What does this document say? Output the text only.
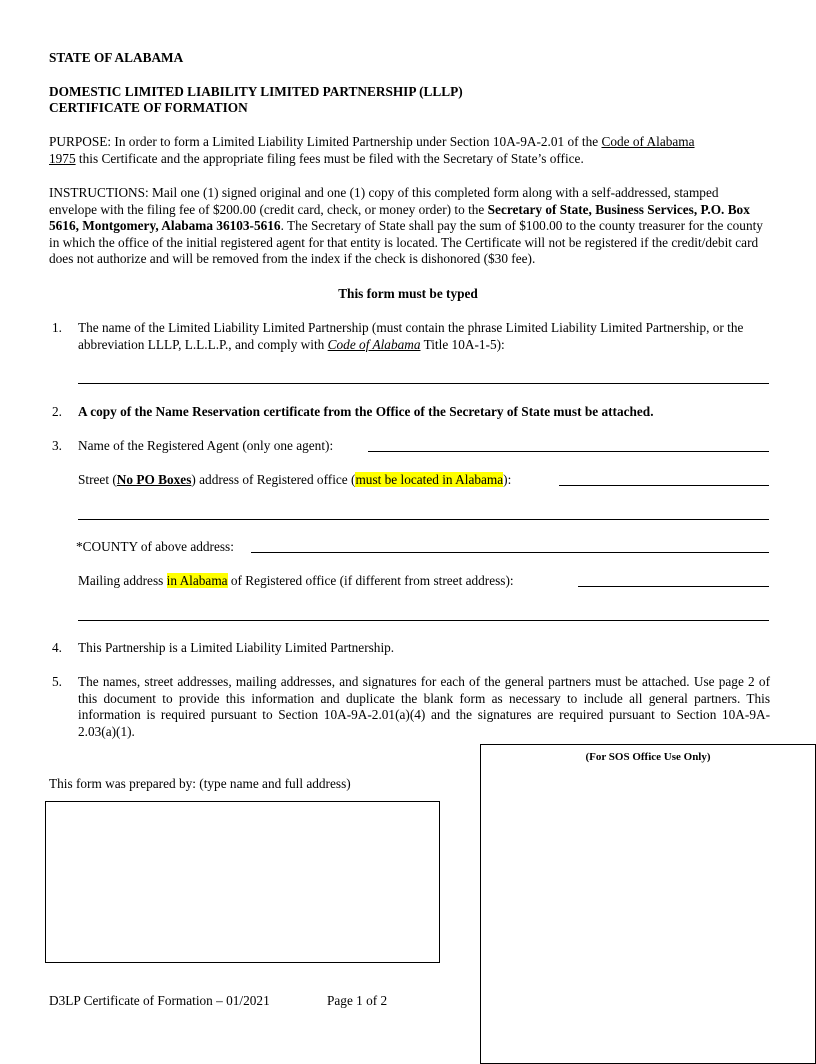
STATE OF ALABAMA
DOMESTIC LIMITED LIABILITY LIMITED PARTNERSHIP (LLLP)
CERTIFICATE OF FORMATION
PURPOSE: In order to form a Limited Liability Limited Partnership under Section 10A-9A-2.01 of the Code of Alabama
1975 this Certificate and the appropriate filing fees must be filed with the Secretary of State’s office.
INSTRUCTIONS: Mail one (1) signed original and one (1) copy of this completed form along with a self-addressed, stamped envelope with the filing fee of $200.00 (credit card, check, or money order) to the Secretary of State, Business Services, P.O. Box 5616, Montgomery, Alabama 36103-5616. The Secretary of State shall pay the sum of $100.00 to the county treasurer for the county in which the office of the initial registered agent for that entity is located. The Certificate will not be registered if the credit/debit card does not authorize and will be removed from the index if the check is dishonored ($30 fee).
This form must be typed
1. The name of the Limited Liability Limited Partnership (must contain the phrase Limited Liability Limited Partnership, or the abbreviation LLLP, L.L.L.P., and comply with Code of Alabama Title 10A-1-5):
2. A copy of the Name Reservation certificate from the Office of the Secretary of State must be attached.
3. Name of the Registered Agent (only one agent):
Street (No PO Boxes) address of Registered office (must be located in Alabama):
*COUNTY of above address:
Mailing address in Alabama of Registered office (if different from street address):
4. This Partnership is a Limited Liability Limited Partnership.
5. The names, street addresses, mailing addresses, and signatures for each of the general partners must be attached. Use page 2 of this document to provide this information and duplicate the blank form as necessary to include all general partners. This information is required pursuant to Section 10A-9A-2.01(a)(4) and the signatures are required pursuant to Section 10A-9A-2.03(a)(1).
This form was prepared by: (type name and full address)
(For SOS Office Use Only)
D3LP Certificate of Formation – 01/2021	Page 1 of 2
